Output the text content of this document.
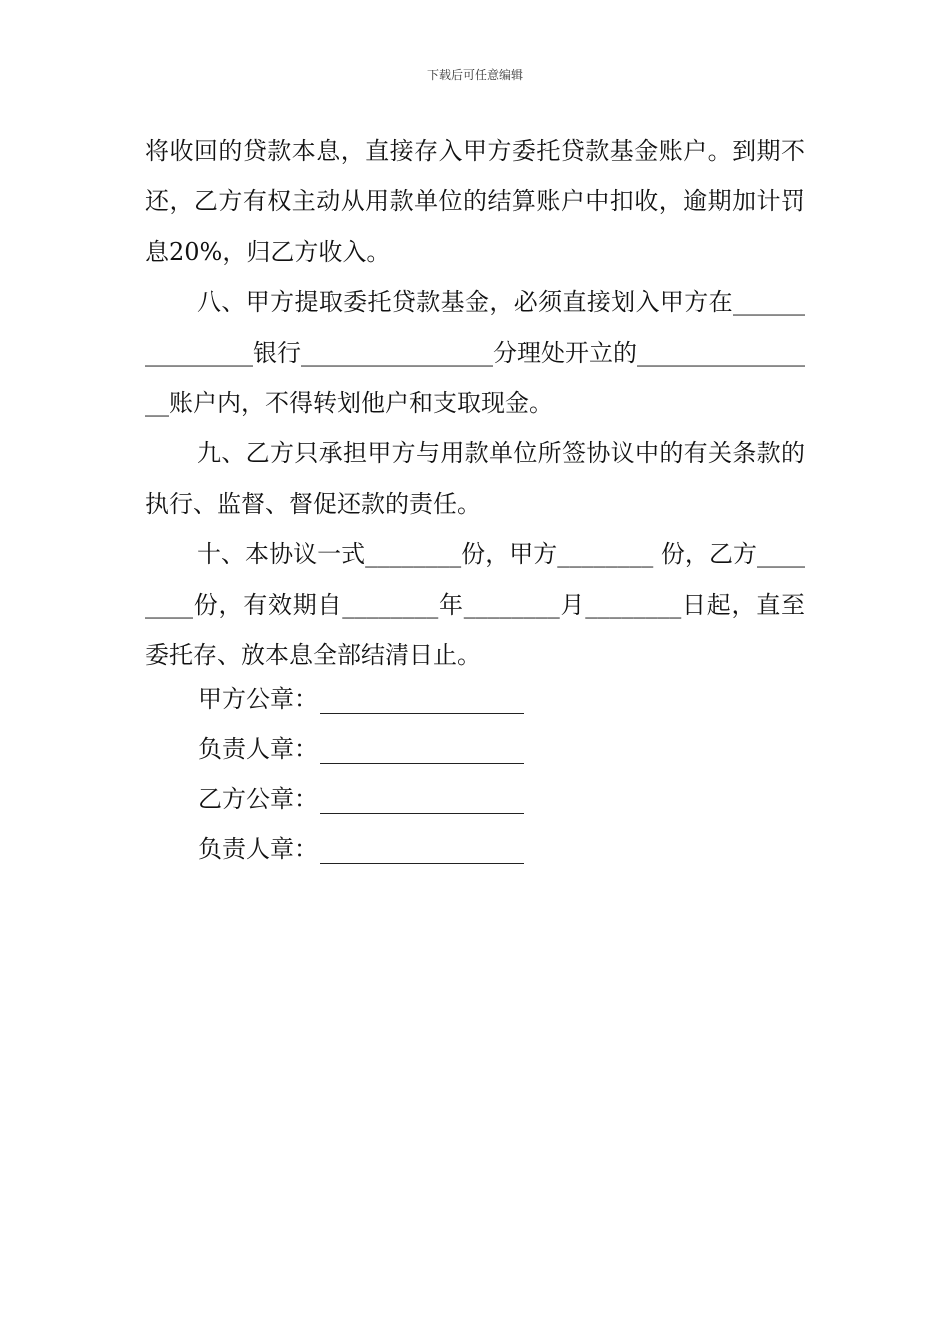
下载后可任意编辑

将收回的贷款本息，直接存入甲方委托贷款基金账户。到期不还，乙方有权主动从用款单位的结算账户中扣收，逾期加计罚息20%，归乙方收入。

八、甲方提取委托贷款基金，必须直接划入甲方在_______________银行________________分理处开立的________________账户内，不得转划他户和支取现金。

九、乙方只承担甲方与用款单位所签协议中的有关条款的执行、监督、督促还款的责任。

十、本协议一式________份，甲方________ 份，乙方________份，有效期自________年________月________日起，直至委托存、放本息全部结清日止。

甲方公章：
负责人章：
乙方公章：
负责人章：
